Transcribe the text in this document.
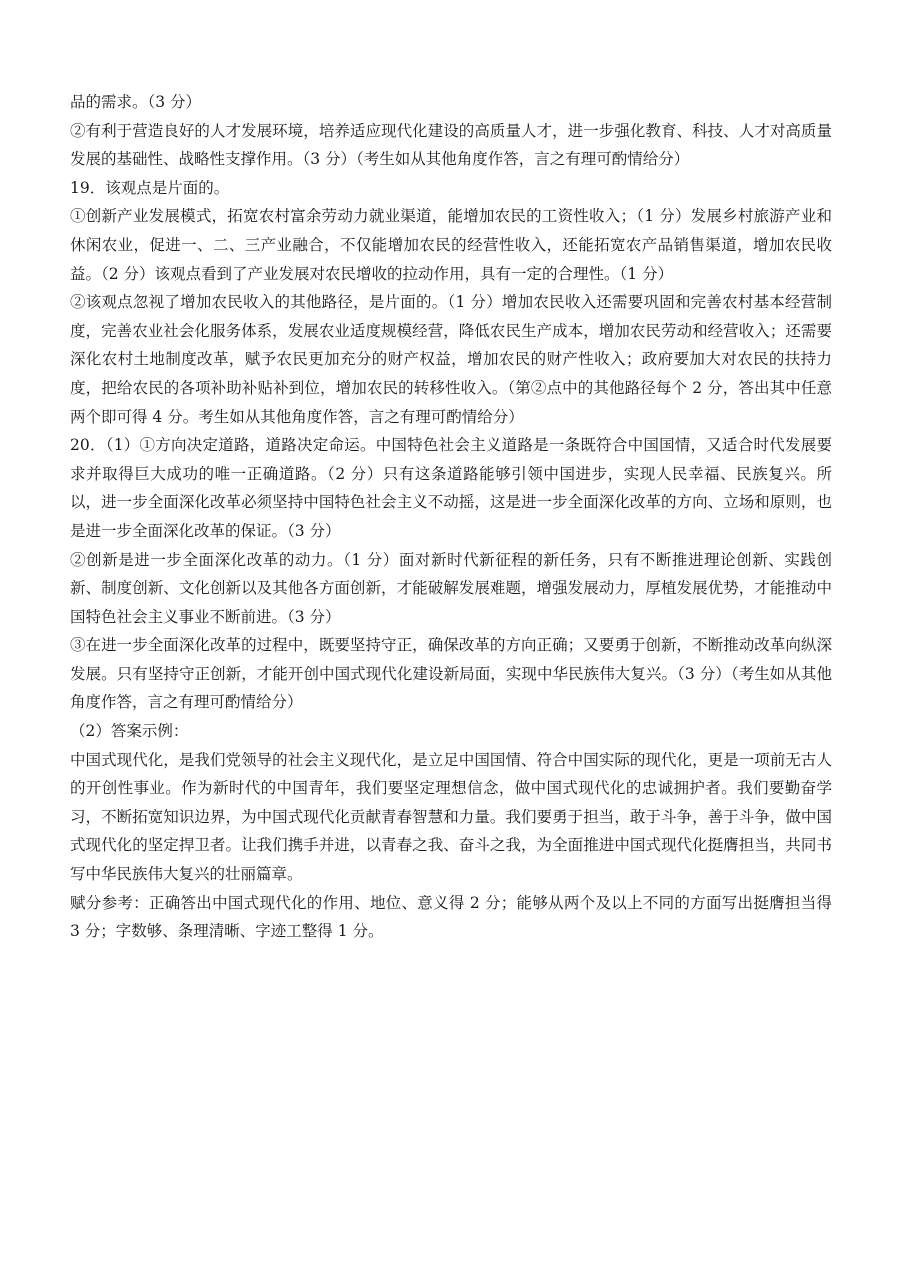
品的需求。（3 分）

②有利于营造良好的人才发展环境，培养适应现代化建设的高质量人才，进一步强化教育、科技、人才对高质量发展的基础性、战略性支撑作用。（3 分）（考生如从其他角度作答，言之有理可酌情给分）

19．该观点是片面的。

①创新产业发展模式，拓宽农村富余劳动力就业渠道，能增加农民的工资性收入；（1 分）发展乡村旅游产业和休闲农业，促进一、二、三产业融合，不仅能增加农民的经营性收入，还能拓宽农产品销售渠道，增加农民收益。（2 分）该观点看到了产业发展对农民增收的拉动作用，具有一定的合理性。（1 分）

②该观点忽视了增加农民收入的其他路径，是片面的。（1 分）增加农民收入还需要巩固和完善农村基本经营制度，完善农业社会化服务体系，发展农业适度规模经营，降低农民生产成本，增加农民劳动和经营收入；还需要深化农村土地制度改革，赋予农民更加充分的财产权益，增加农民的财产性收入；政府要加大对农民的扶持力度，把给农民的各项补助补贴补到位，增加农民的转移性收入。（第②点中的其他路径每个 2 分，答出其中任意两个即可得 4 分。考生如从其他角度作答，言之有理可酌情给分）

20．（1）①方向决定道路，道路决定命运。中国特色社会主义道路是一条既符合中国国情，又适合时代发展要求并取得巨大成功的唯一正确道路。（2 分）只有这条道路能够引领中国进步，实现人民幸福、民族复兴。所以，进一步全面深化改革必须坚持中国特色社会主义不动摇，这是进一步全面深化改革的方向、立场和原则，也是进一步全面深化改革的保证。（3 分）

②创新是进一步全面深化改革的动力。（1 分）面对新时代新征程的新任务，只有不断推进理论创新、实践创新、制度创新、文化创新以及其他各方面创新，才能破解发展难题，增强发展动力，厚植发展优势，才能推动中国特色社会主义事业不断前进。（3 分）

③在进一步全面深化改革的过程中，既要坚持守正，确保改革的方向正确；又要勇于创新，不断推动改革向纵深发展。只有坚持守正创新，才能开创中国式现代化建设新局面，实现中华民族伟大复兴。（3 分）（考生如从其他角度作答，言之有理可酌情给分）

（2）答案示例：

中国式现代化，是我们党领导的社会主义现代化，是立足中国国情、符合中国实际的现代化，更是一项前无古人的开创性事业。作为新时代的中国青年，我们要坚定理想信念，做中国式现代化的忠诚拥护者。我们要勤奋学习，不断拓宽知识边界，为中国式现代化贡献青春智慧和力量。我们要勇于担当，敢于斗争，善于斗争，做中国式现代化的坚定捍卫者。让我们携手并进，以青春之我、奋斗之我，为全面推进中国式现代化挺膺担当，共同书写中华民族伟大复兴的壮丽篇章。

赋分参考：正确答出中国式现代化的作用、地位、意义得 2 分；能够从两个及以上不同的方面写出挺膺担当得 3 分；字数够、条理清晰、字迹工整得 1 分。
